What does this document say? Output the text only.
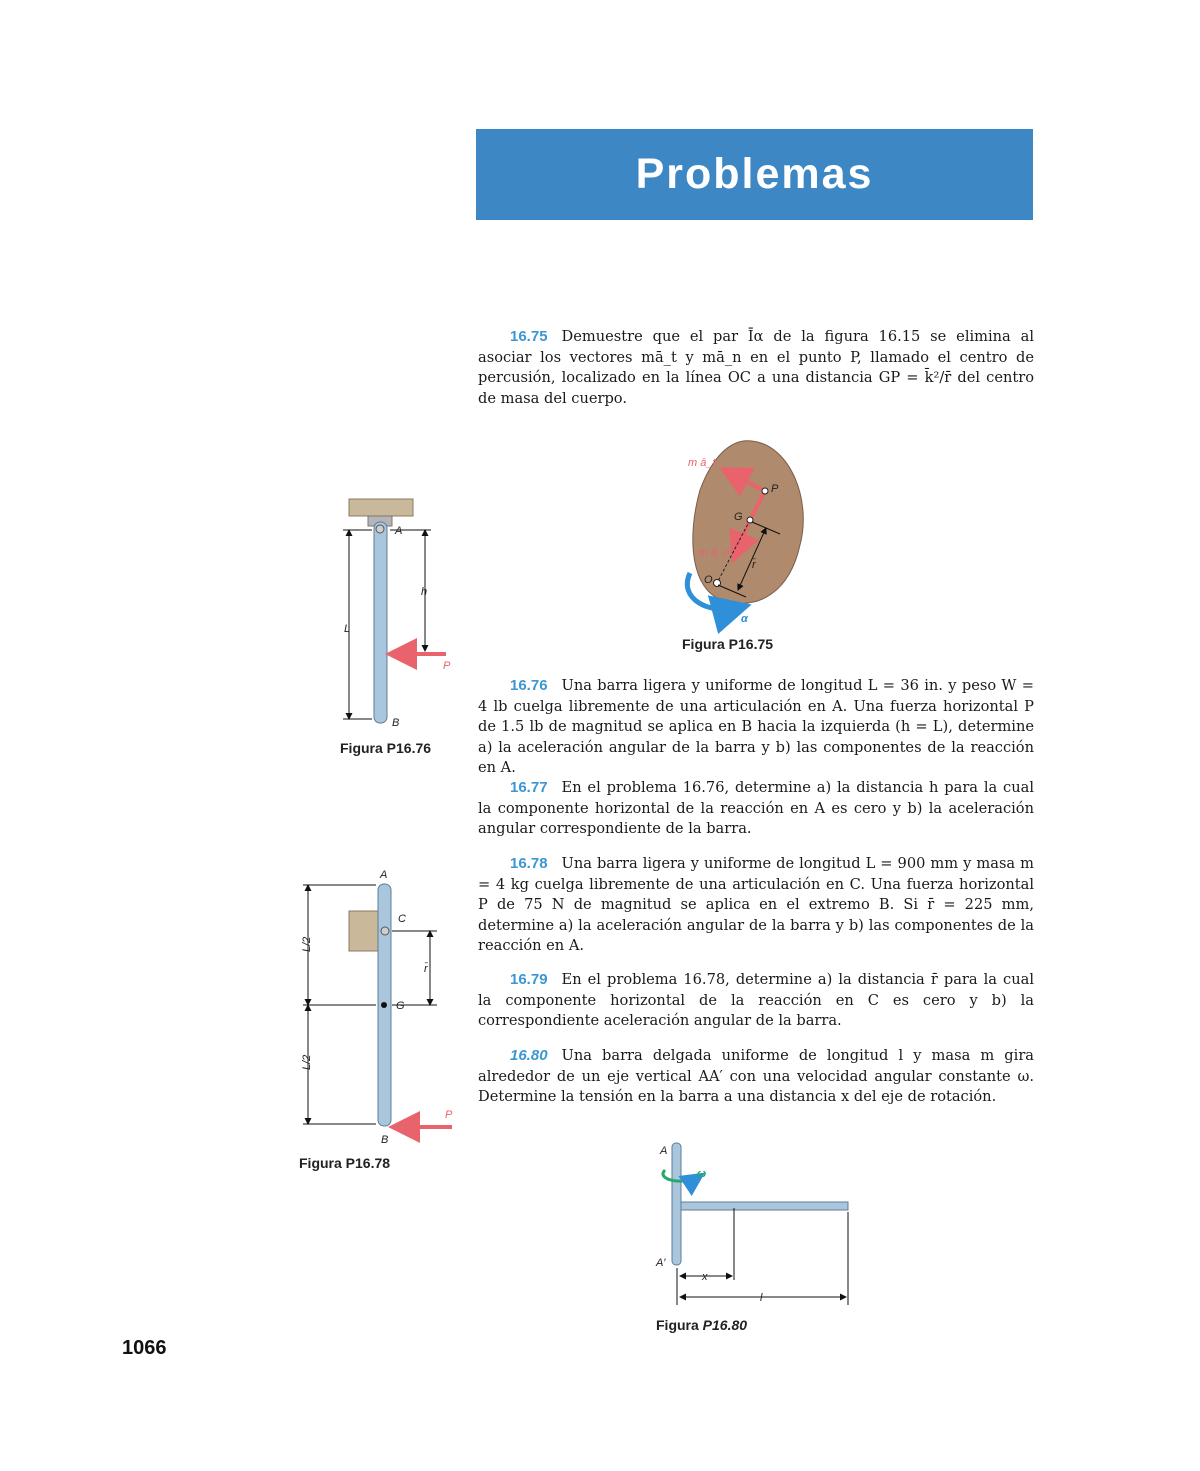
Problemas
16.75 Demuestre que el par Īα de la figura 16.15 se elimina al asociar los vectores mā_t y mā_n en el punto P, llamado el centro de percusión, localizado en la línea OC a una distancia GP = k̄²/r̄ del centro de masa del cuerpo.
16.76 Una barra ligera y uniforme de longitud L = 36 in. y peso W = 4 lb cuelga libremente de una articulación en A. Una fuerza horizontal P de 1.5 lb de magnitud se aplica en B hacia la izquierda (h = L), determine a) la aceleración angular de la barra y b) las componentes de la reacción en A.
16.77 En el problema 16.76, determine a) la distancia h para la cual la componente horizontal de la reacción en A es cero y b) la aceleración angular correspondiente de la barra.
16.78 Una barra ligera y uniforme de longitud L = 900 mm y masa m = 4 kg cuelga libremente de una articulación en C. Una fuerza horizontal P de 75 N de magnitud se aplica en el extremo B. Si r̄ = 225 mm, determine a) la aceleración angular de la barra y b) las componentes de la reacción en A.
16.79 En el problema 16.78, determine a) la distancia r̄ para la cual la componente horizontal de la reacción en C es cero y b) la correspondiente aceleración angular de la barra.
16.80 Una barra delgada uniforme de longitud l y masa m gira alrededor de un eje vertical AA′ con una velocidad angular constante ω. Determine la tensión en la barra a una distancia x del eje de rotación.
m ā_t
P
G
m ā_n
r̄
O
α
Figura P16.75
A
h
L
P
B
Figura P16.76
A
C
L/2
r̄
G
L/2
P
B
Figura P16.78
A
ω
A′
x
l
Figura P16.80
1066
